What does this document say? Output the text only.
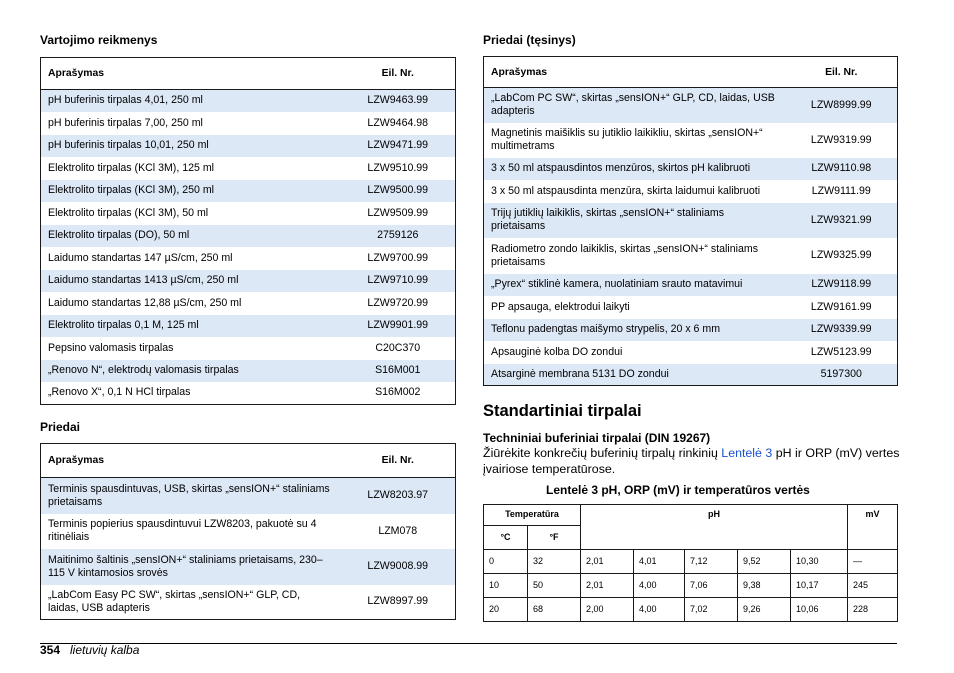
Vartojimo reikmenys
Aprašymas	Eil. Nr.
pH buferinis tirpalas 4,01, 250 ml	LZW9463.99
pH buferinis tirpalas 7,00, 250 ml	LZW9464.98
pH buferinis tirpalas 10,01, 250 ml	LZW9471.99
Elektrolito tirpalas (KCl 3M), 125 ml	LZW9510.99
Elektrolito tirpalas (KCl 3M), 250 ml	LZW9500.99
Elektrolito tirpalas (KCl 3M), 50 ml	LZW9509.99
Elektrolito tirpalas (DO), 50 ml	2759126
Laidumo standartas 147 µS/cm, 250 ml	LZW9700.99
Laidumo standartas 1413 µS/cm, 250 ml	LZW9710.99
Laidumo standartas 12,88 µS/cm, 250 ml	LZW9720.99
Elektrolito tirpalas 0,1 M, 125 ml	LZW9901.99
Pepsino valomasis tirpalas	C20C370
„Renovo N“, elektrodų valomasis tirpalas	S16M001
„Renovo X“, 0,1 N HCl tirpalas	S16M002
Priedai
Aprašymas	Eil. Nr.
Terminis spausdintuvas, USB, skirtas „sensION+“ staliniams prietaisams	LZW8203.97
Terminis popierius spausdintuvui LZW8203, pakuotė su 4 ritinėliais	LZM078
Maitinimo šaltinis „sensION+“ staliniams prietaisams, 230–115 V kintamosios srovės	LZW9008.99
„LabCom Easy PC SW“, skirtas „sensION+“ GLP, CD, laidas, USB adapteris	LZW8997.99
Priedai (tęsinys)
Aprašymas	Eil. Nr.
„LabCom PC SW“, skirtas „sensION+“ GLP, CD, laidas, USB adapteris	LZW8999.99
Magnetinis maišiklis su jutiklio laikikliu, skirtas „sensION+“ multimetrams	LZW9319.99
3 x 50 ml atspausdintos menzūros, skirtos pH kalibruoti	LZW9110.98
3 x 50 ml atspausdinta menzūra, skirta laidumui kalibruoti	LZW9111.99
Trijų jutiklių laikiklis, skirtas „sensION+“ staliniams prietaisams	LZW9321.99
Radiometro zondo laikiklis, skirtas „sensION+“ staliniams prietaisams	LZW9325.99
„Pyrex“ stiklinė kamera, nuolatiniam srauto matavimui	LZW9118.99
PP apsauga, elektrodui laikyti	LZW9161.99
Teflonu padengtas maišymo strypelis, 20 x 6 mm	LZW9339.99
Apsauginė kolba DO zondui	LZW5123.99
Atsarginė membrana 5131 DO zondui	5197300
Standartiniai tirpalai
Techniniai buferiniai tirpalai (DIN 19267)
Žiūrėkite konkrečių buferinių tirpalų rinkinių Lentelė 3 pH ir ORP (mV) vertes įvairiose temperatūrose.
Lentelė 3 pH, ORP (mV) ir temperatūros vertės
Temperatūra		pH					mV
°C	°F						
0	32	2,01	4,01	7,12	9,52	10,30	—
10	50	2,01	4,00	7,06	9,38	10,17	245
20	68	2,00	4,00	7,02	9,26	10,06	228
354 lietuvių kalba
